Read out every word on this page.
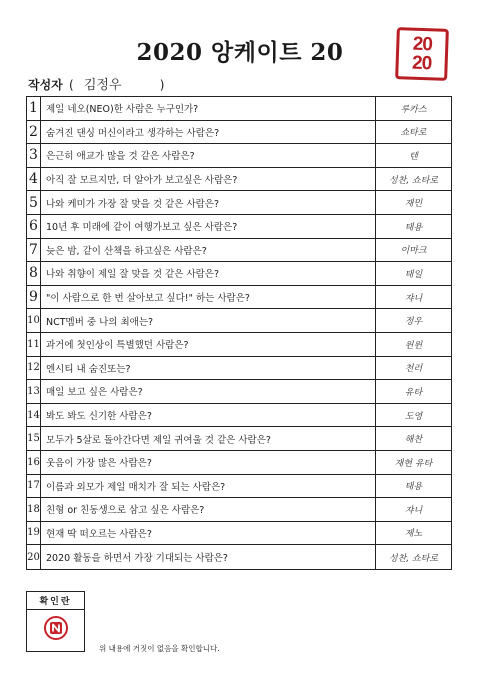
2020 앙케이트 20	20
20
작성자 ( 김정우	)
1 제일 네오(NEO)한 사람은 누구인가?	루카스
2 숨겨진 댄싱 머신이라고 생각하는 사람은?	쇼타로
3 은근히 애교가 많을 것 같은 사람은?	텐
4 아직 잘 모르지만, 더 알아가 보고싶은 사람은?	성찬, 쇼타로
5 나와 케미가 가장 잘 맞을 것 같은 사람은?	재민
6 10년 후 미래에 같이 여행가보고 싶은 사람은?	태용
7 늦은 밤, 같이 산책을 하고싶은 사람은?	이마크
8 나와 취향이 제일 잘 맞을 것 같은 사람은?	태일
9 "이 사람으로 한 번 살아보고 싶다!" 하는 사람은?	쟈니
10 NCT멤버 중 나의 최애는?	정우
11 과거에 첫인상이 특별했던 사람은?	윈윈
12 엔시티 내 숨진또는?	천러
13 매일 보고 싶은 사람은?	유타
14 봐도 봐도 신기한 사람은?	도영
15 모두가 5살로 돌아간다면 제일 귀여울 것 같은 사람은?	해찬
16 웃음이 가장 많은 사람은?	재현 유타
17 이름과 외모가 제일 매치가 잘 되는 사람은?	태용
18 친형 or 친동생으로 삼고 싶은 사람은?	쟈니
19 현재 딱 떠오르는 사람은?	제노
20 2020 활동을 하면서 가장 기대되는 사람은?	성찬, 쇼타로
확인란
위 내용에 거짓이 없음을 확인합니다.
